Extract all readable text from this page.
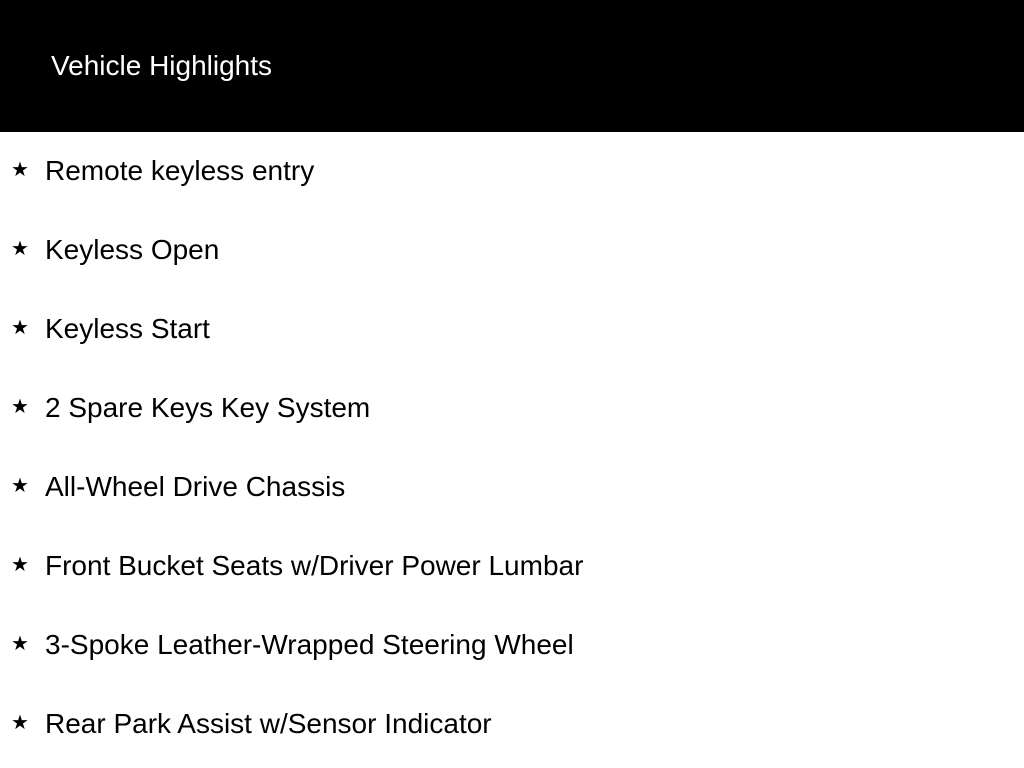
Vehicle Highlights
★ Remote keyless entry
★ Keyless Open
★ Keyless Start
★ 2 Spare Keys Key System
★ All-Wheel Drive Chassis
★ Front Bucket Seats w/Driver Power Lumbar
★ 3-Spoke Leather-Wrapped Steering Wheel
★ Rear Park Assist w/Sensor Indicator
